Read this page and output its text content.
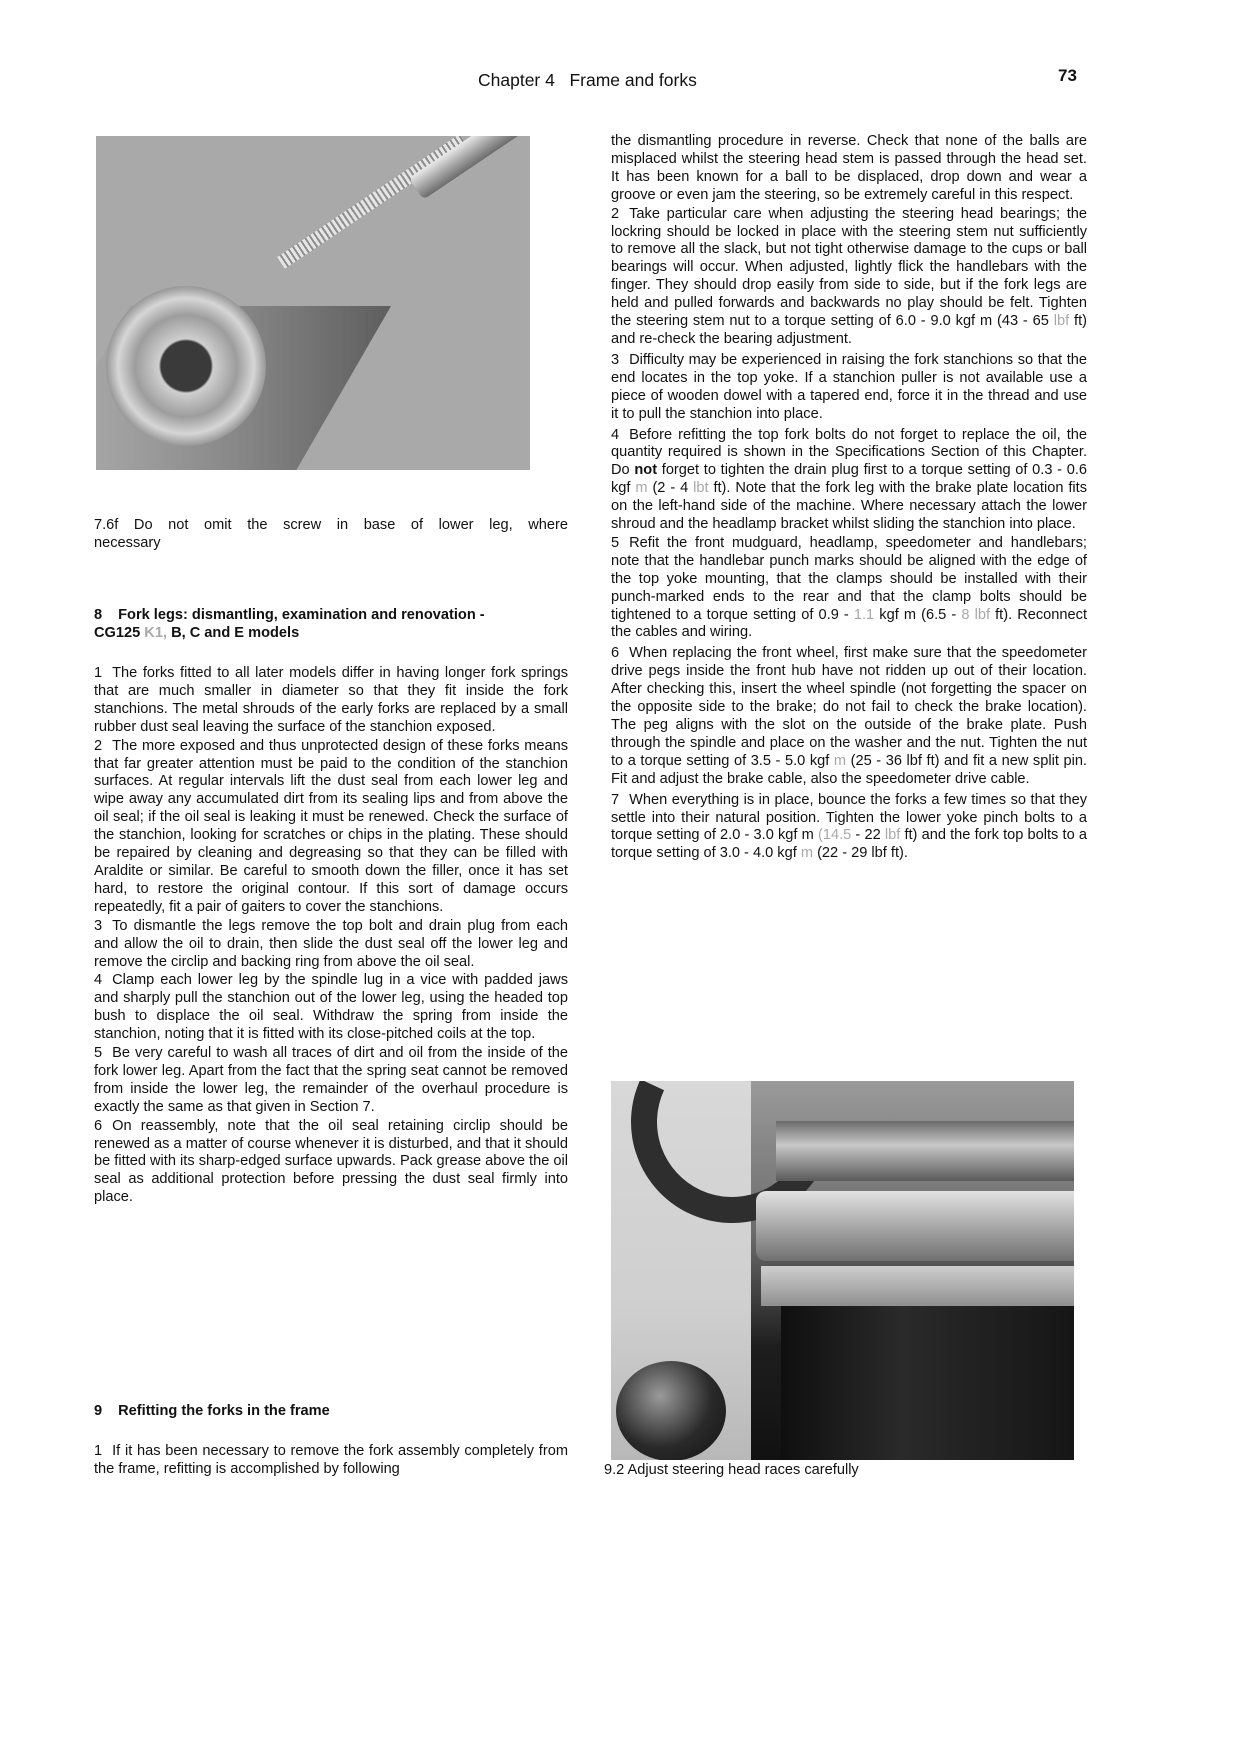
Chapter 4   Frame and forks	73
7.6f Do not omit the screw in base of lower leg, where
necessary
8 Fork legs: dismantling, examination and renovation -
CG125 K1, B, C and E models

1 The forks fitted to all later models differ in having longer fork springs that are much smaller in diameter so that they fit inside the fork stanchions. The metal shrouds of the early forks are replaced by a small rubber dust seal leaving the surface of the stanchion exposed.

2 The more exposed and thus unprotected design of these forks means that far greater attention must be paid to the condition of the stanchion surfaces. At regular intervals lift the dust seal from each lower leg and wipe away any accumulated dirt from its sealing lips and from above the oil seal; if the oil seal is leaking it must be renewed. Check the surface of the stanchion, looking for scratches or chips in the plating. These should be repaired by cleaning and degreasing so that they can be filled with Araldite or similar. Be careful to smooth down the filler, once it has set hard, to restore the original contour. If this sort of damage occurs repeatedly, fit a pair of gaiters to cover the stanchions.

3 To dismantle the legs remove the top bolt and drain plug from each and allow the oil to drain, then slide the dust seal off the lower leg and remove the circlip and backing ring from above the oil seal.

4 Clamp each lower leg by the spindle lug in a vice with padded jaws and sharply pull the stanchion out of the lower leg, using the headed top bush to displace the oil seal. Withdraw the spring from inside the stanchion, noting that it is fitted with its close-pitched coils at the top.

5 Be very careful to wash all traces of dirt and oil from the inside of the fork lower leg. Apart from the fact that the spring seat cannot be removed from inside the lower leg, the remainder of the overhaul procedure is exactly the same as that given in Section 7.

6 On reassembly, note that the oil seal retaining circlip should be renewed as a matter of course whenever it is disturbed, and that it should be fitted with its sharp-edged surface upwards. Pack grease above the oil seal as additional protection before pressing the dust seal firmly into place.

9 Refitting the forks in the frame

1 If it has been necessary to remove the fork assembly completely from the frame, refitting is accomplished by following

the dismantling procedure in reverse. Check that none of the balls are misplaced whilst the steering head stem is passed through the head set. It has been known for a ball to be displaced, drop down and wear a groove or even jam the steering, so be extremely careful in this respect.

2 Take particular care when adjusting the steering head bearings; the lockring should be locked in place with the steering stem nut sufficiently to remove all the slack, but not tight otherwise damage to the cups or ball bearings will occur. When adjusted, lightly flick the handlebars with the finger. They should drop easily from side to side, but if the fork legs are held and pulled forwards and backwards no play should be felt. Tighten the steering stem nut to a torque setting of 6.0 - 9.0 kgf m (43 - 65 lbf ft) and re-check the bearing adjustment.

3 Difficulty may be experienced in raising the fork stanchions so that the end locates in the top yoke. If a stanchion puller is not available use a piece of wooden dowel with a tapered end, force it in the thread and use it to pull the stanchion into place.

4 Before refitting the top fork bolts do not forget to replace the oil, the quantity required is shown in the Specifications Section of this Chapter. Do not forget to tighten the drain plug first to a torque setting of 0.3 - 0.6 kgf m (2 - 4 lbt ft). Note that the fork leg with the brake plate location fits on the left-hand side of the machine. Where necessary attach the lower shroud and the headlamp bracket whilst sliding the stanchion into place.

5 Refit the front mudguard, headlamp, speedometer and handlebars; note that the handlebar punch marks should be aligned with the edge of the top yoke mounting, that the clamps should be installed with their punch-marked ends to the rear and that the clamp bolts should be tightened to a torque setting of 0.9 - 1.1 kgf m (6.5 - 8 lbf ft). Reconnect the cables and wiring.

6 When replacing the front wheel, first make sure that the speedometer drive pegs inside the front hub have not ridden up out of their location. After checking this, insert the wheel spindle (not forgetting the spacer on the opposite side to the brake; do not fail to check the brake location). The peg aligns with the slot on the outside of the brake plate. Push through the spindle and place on the washer and the nut. Tighten the nut to a torque setting of 3.5 - 5.0 kgf m (25 - 36 lbf ft) and fit a new split pin. Fit and adjust the brake cable, also the speedometer drive cable.

7 When everything is in place, bounce the forks a few times so that they settle into their natural position. Tighten the lower yoke pinch bolts to a torque setting of 2.0 - 3.0 kgf m (14.5 - 22 lbf ft) and the fork top bolts to a torque setting of 3.0 - 4.0 kgf m (22 - 29 lbf ft).

9.2 Adjust steering head races carefully
